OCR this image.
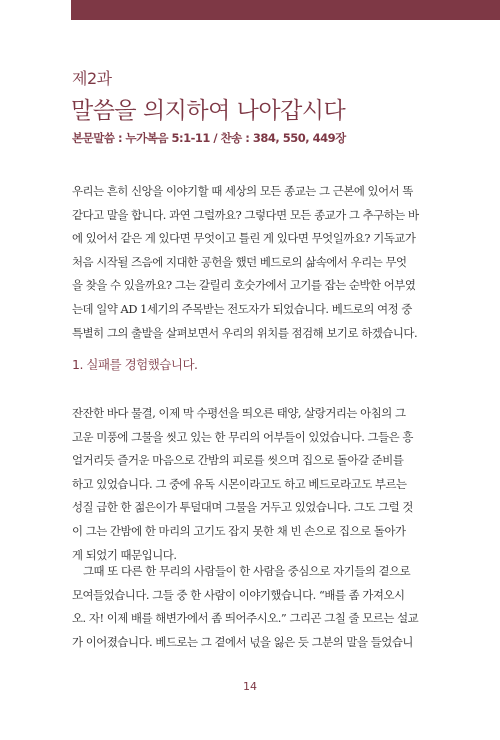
제2과
말씀을 의지하여 나아갑시다
본문말씀 : 누가복음 5:1-11 / 찬송 : 384, 550, 449장
우리는 흔히 신앙을 이야기할 때 세상의 모든 종교는 그 근본에 있어서 똑
같다고 말을 합니다. 과연 그럴까요? 그렇다면 모든 종교가 그 추구하는 바
에 있어서 같은 게 있다면 무엇이고 틀린 게 있다면 무엇일까요? 기독교가
처음 시작될 즈음에 지대한 공헌을 했던 베드로의 삶속에서 우리는 무엇
을 찾을 수 있을까요? 그는 갈릴리 호숫가에서 고기를 잡는 순박한 어부였
는데 일약 AD 1세기의 주목받는 전도자가 되었습니다. 베드로의 여정 중
특별히 그의 출발을 살펴보면서 우리의 위치를 점검해 보기로 하겠습니다.
1. 실패를 경험했습니다.
잔잔한 바다 물결, 이제 막 수평선을 띄오른 태양, 살랑거리는 아침의 그
고운 미풍에 그물을 씻고 있는 한 무리의 어부들이 있었습니다. 그들은 흥
얼거리듯 즐거운 마음으로 간밤의 피로를 씻으며 집으로 돌아갈 준비를
하고 있었습니다. 그 중에 유독 시몬이라고도 하고 베드로라고도 부르는
성질 급한 한 젊은이가 투덜대며 그물을 거두고 있었습니다. 그도 그럴 것
이 그는 간밤에 한 마리의 고기도 잡지 못한 채 빈 손으로 집으로 돌아가
게 되었기 때문입니다.
그때 또 다른 한 무리의 사람들이 한 사람을 중심으로 자기들의 곁으로
모여들었습니다. 그들 중 한 사람이 이야기했습니다. “배를 좀 가져오시
오. 자! 이제 배를 해변가에서 좀 띄어주시오.” 그리곤 그칠 줄 모르는 설교
가 이어졌습니다. 베드로는 그 곁에서 넋을 잃은 듯 그분의 말을 들었습니
14
